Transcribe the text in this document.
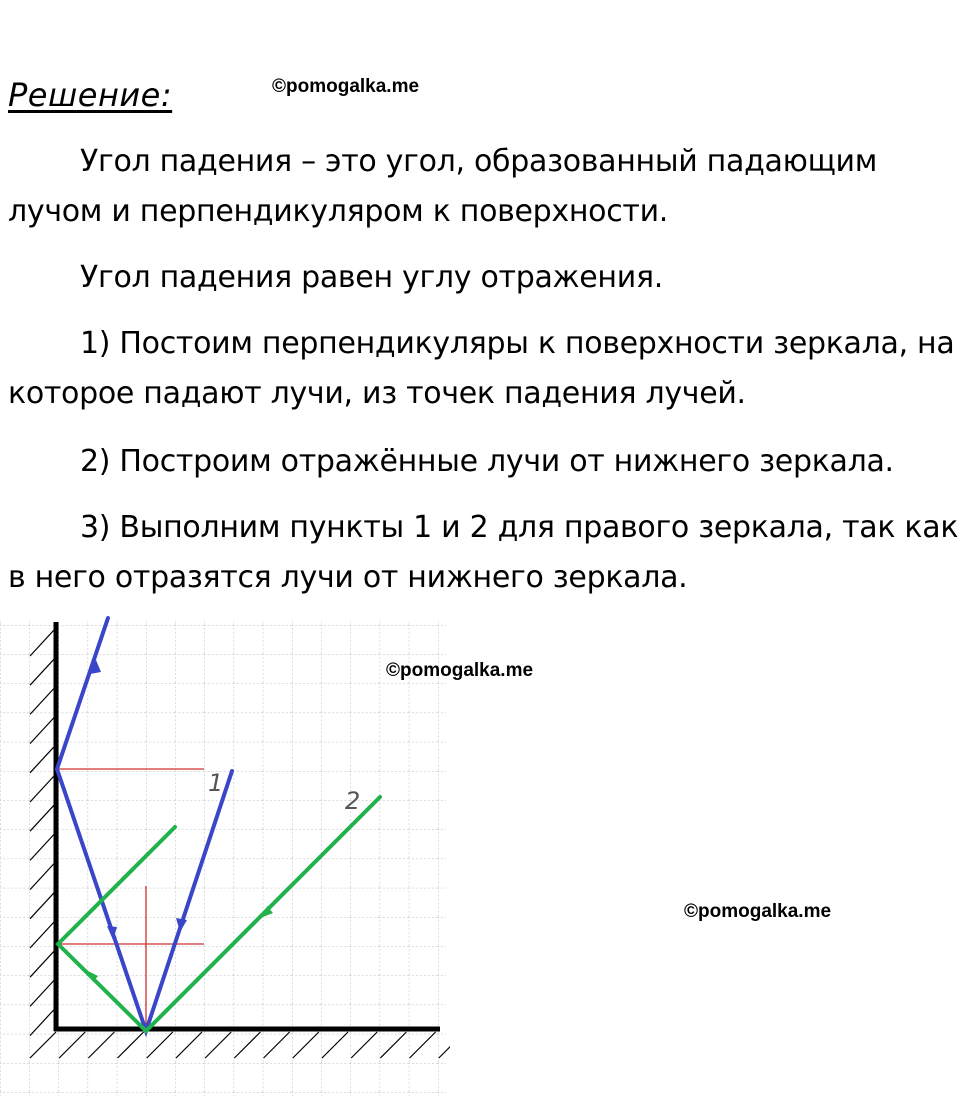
Решение:	©pomogalka.me
Угол падения – это угол, образованный падающим
лучом и перпендикуляром к поверхности.
Угол падения равен углу отражения.
1) Постоим перпендикуляры к поверхности зеркала, на
которое падают лучи, из точек падения лучей.
2) Построим отражённые лучи от нижнего зеркала.
3) Выполним пункты 1 и 2 для правого зеркала, так как
в него отразятся лучи от нижнего зеркала.
1
2
©pomogalka.me
©pomogalka.me
